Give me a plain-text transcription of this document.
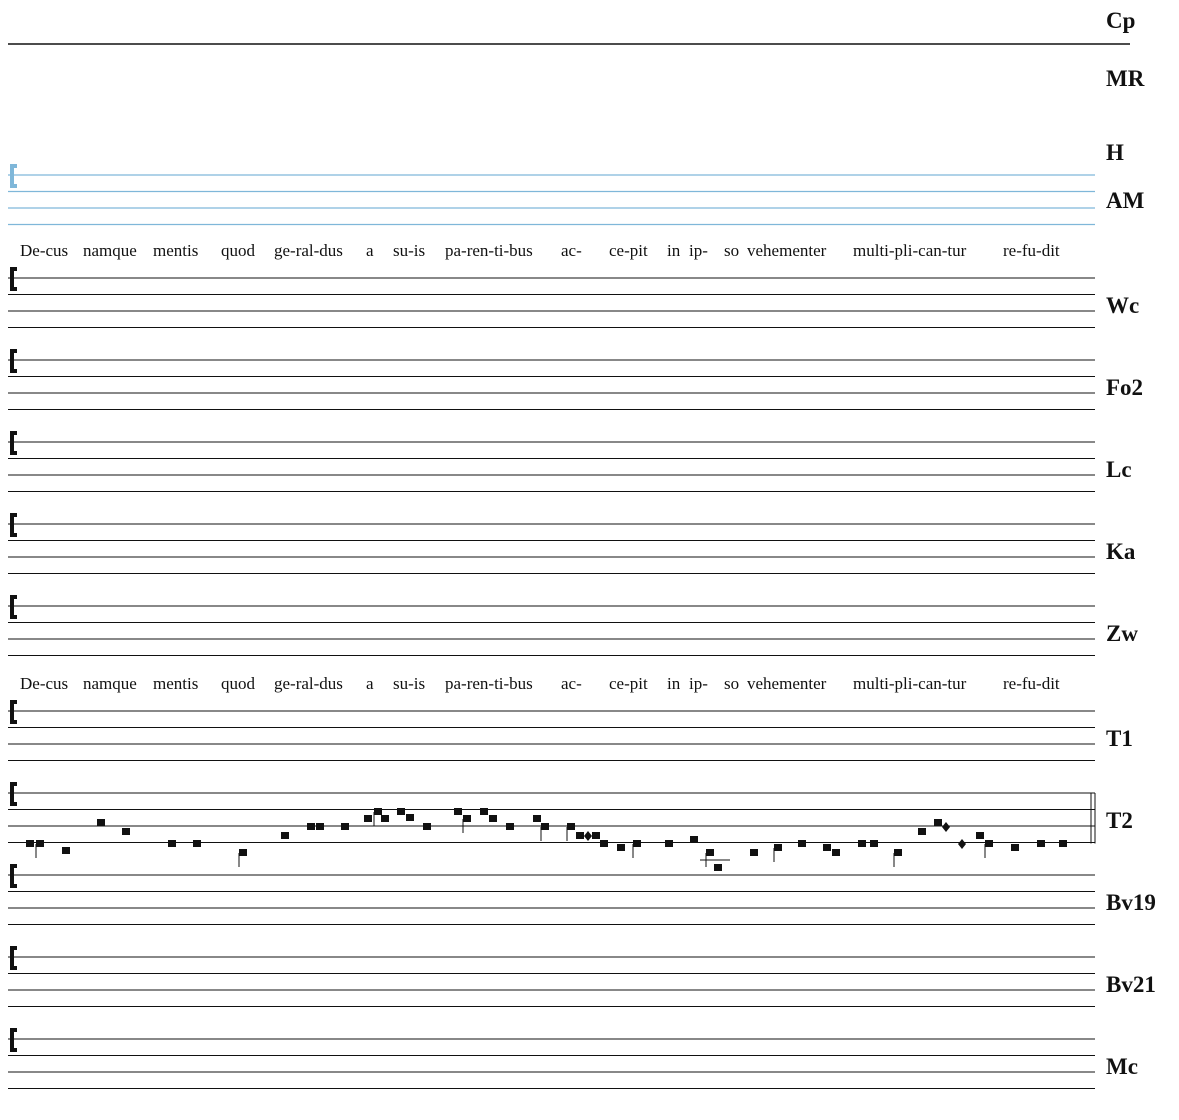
Cp
MR
H
AM
Wc
Fo2
Lc
Ka
Zw
T1
T2
Bv19
Bv21
Mc
De-cus namque mentis quod ge-ral-dus a su-is pa-ren-ti-bus ac- ce-pit in ip- so vehementer multi-pli-can-tur re-fu-dit
De-cus namque mentis quod ge-ral-dus a su-is pa-ren-ti-bus ac- ce-pit in ip- so vehementer multi-pli-can-tur re-fu-dit
